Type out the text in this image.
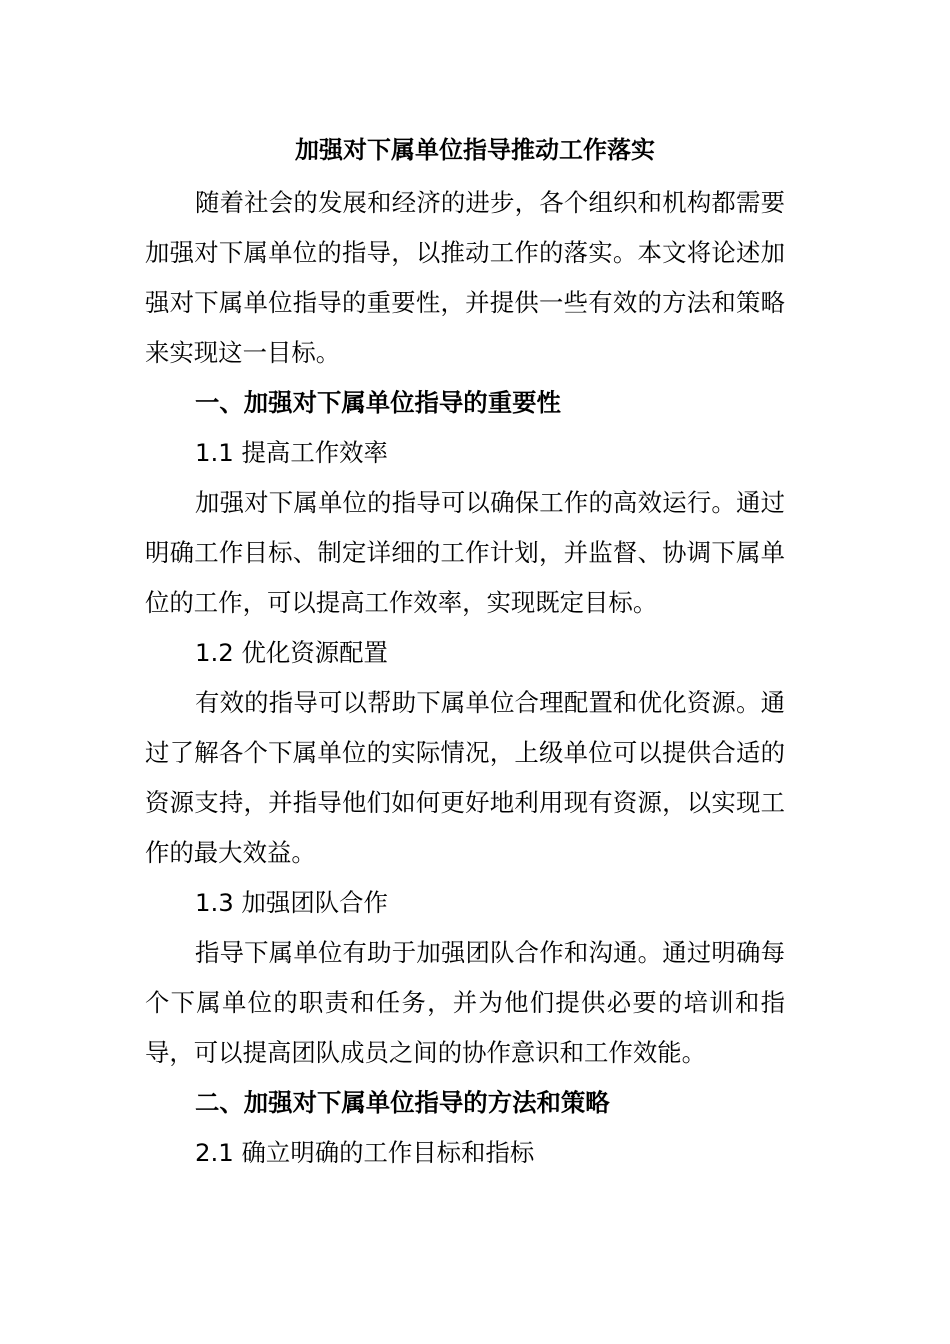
加强对下属单位指导推动工作落实

随着社会的发展和经济的进步，各个组织和机构都需要加强对下属单位的指导，以推动工作的落实。本文将论述加强对下属单位指导的重要性，并提供一些有效的方法和策略来实现这一目标。

一、加强对下属单位指导的重要性
1.1 提高工作效率

加强对下属单位的指导可以确保工作的高效运行。通过明确工作目标、制定详细的工作计划，并监督、协调下属单位的工作，可以提高工作效率，实现既定目标。

1.2 优化资源配置

有效的指导可以帮助下属单位合理配置和优化资源。通过了解各个下属单位的实际情况，上级单位可以提供合适的资源支持，并指导他们如何更好地利用现有资源，以实现工作的最大效益。

1.3 加强团队合作

指导下属单位有助于加强团队合作和沟通。通过明确每个下属单位的职责和任务，并为他们提供必要的培训和指导，可以提高团队成员之间的协作意识和工作效能。

二、加强对下属单位指导的方法和策略
2.1 确立明确的工作目标和指标
